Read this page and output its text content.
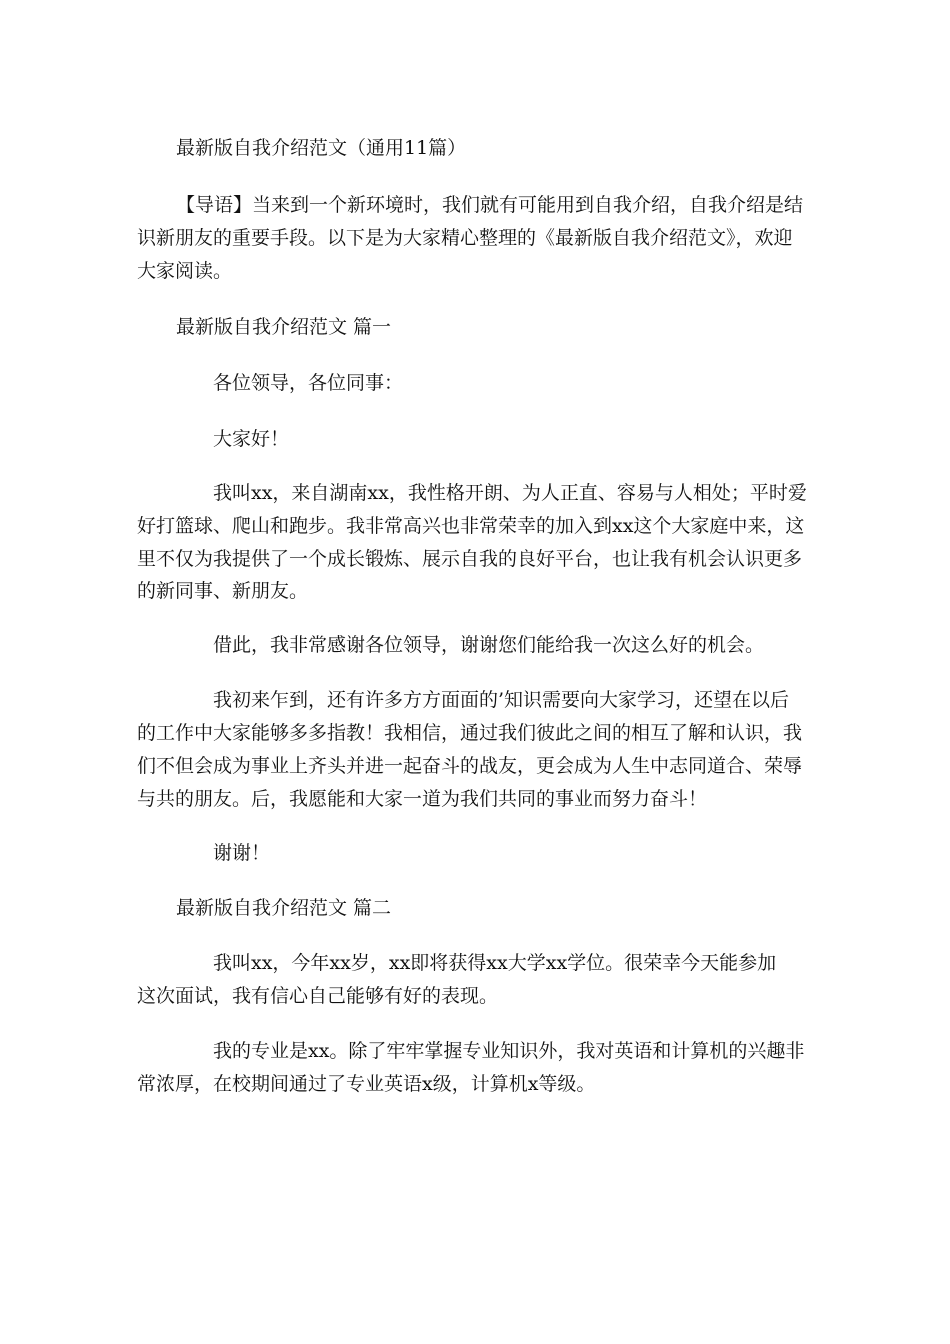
最新版自我介绍范文（通用11篇）
【导语】当来到一个新环境时，我们就有可能用到自我介绍，自我介绍是结
识新朋友的重要手段。以下是为大家精心整理的《最新版自我介绍范文》，欢迎
大家阅读。
最新版自我介绍范文 篇一
各位领导，各位同事：
大家好！
我叫xx，来自湖南xx，我性格开朗、为人正直、容易与人相处；平时爱
好打篮球、爬山和跑步。我非常高兴也非常荣幸的加入到xx这个大家庭中来，这
里不仅为我提供了一个成长锻炼、展示自我的良好平台，也让我有机会认识更多
的新同事、新朋友。
借此，我非常感谢各位领导，谢谢您们能给我一次这么好的机会。
我初来乍到，还有许多方方面面的’知识需要向大家学习，还望在以后
的工作中大家能够多多指教！我相信，通过我们彼此之间的相互了解和认识，我
们不但会成为事业上齐头并进一起奋斗的战友，更会成为人生中志同道合、荣辱
与共的朋友。后，我愿能和大家一道为我们共同的事业而努力奋斗！
谢谢！
最新版自我介绍范文 篇二
我叫xx，今年xx岁，xx即将获得xx大学xx学位。很荣幸今天能参加
这次面试，我有信心自己能够有好的表现。
我的专业是xx。除了牢牢掌握专业知识外，我对英语和计算机的兴趣非
常浓厚，在校期间通过了专业英语x级，计算机x等级。
